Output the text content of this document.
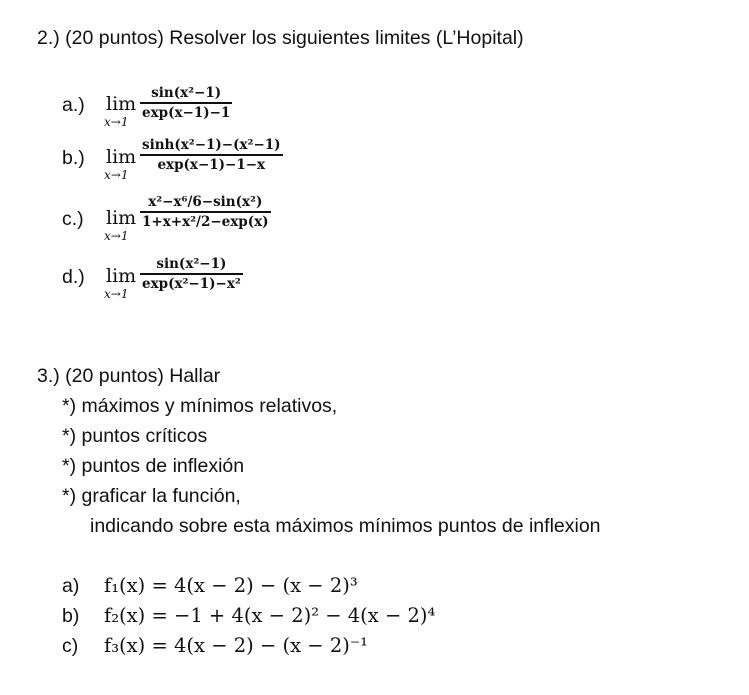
2.) (20 puntos) Resolver los siguientes limites (L’Hopital)
a.) lim
x→1
sin(x²−1)
exp(x−1)−1
b.) lim
x→1
sinh(x²−1)−(x²−1)
exp(x−1)−1−x
c.) lim
x→1
x²−x⁶/6−sin(x²)
1+x+x²/2−exp(x)
d.) lim
x→1
sin(x²−1)
exp(x²−1)−x²
3.) (20 puntos) Hallar
*) máximos y mínimos relativos,
*) puntos críticos
*) puntos de inflexión
*) graficar la función,
indicando sobre esta máximos mínimos puntos de inflexion
a) f₁(x) = 4(x − 2) − (x − 2)³
b) f₂(x) = −1 + 4(x − 2)² − 4(x − 2)⁴
c) f₃(x) = 4(x − 2) − (x − 2)⁻¹
